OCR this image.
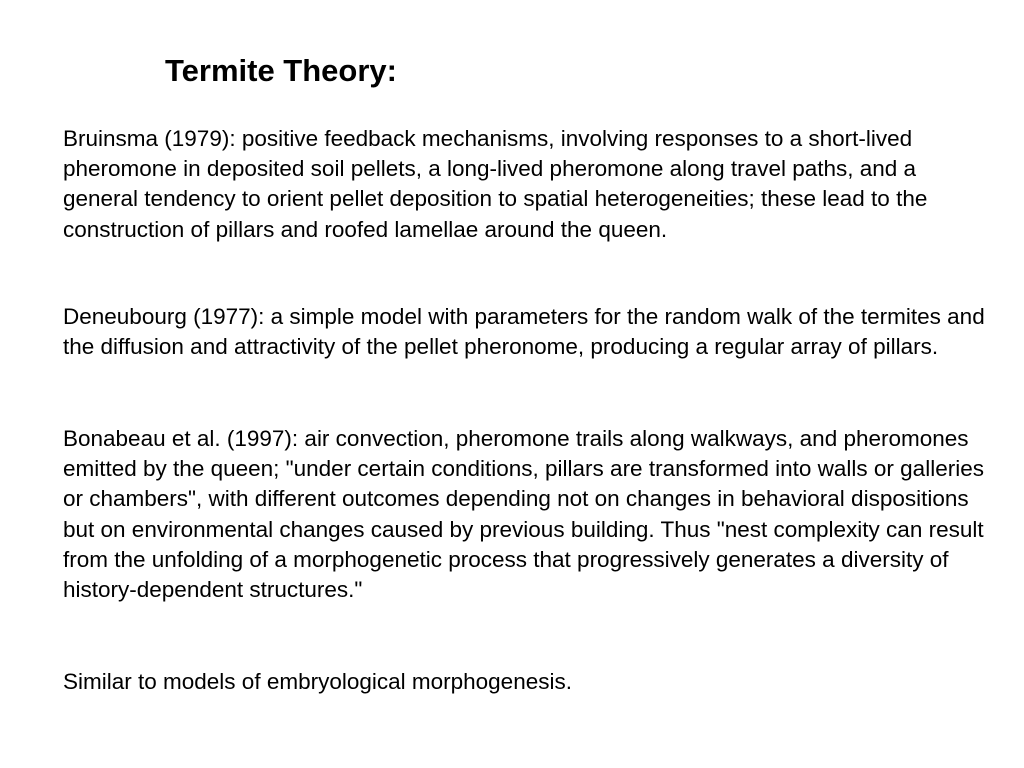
Termite Theory:

Bruinsma (1979): positive feedback mechanisms, involving responses to a short-lived pheromone in deposited soil pellets, a long-lived pheromone along travel paths, and a general tendency to orient pellet deposition to spatial heterogeneities; these lead to the construction of pillars and roofed lamellae around the queen.

Deneubourg (1977): a simple model with parameters for the random walk of the termites and the diffusion and attractivity of the pellet pheronome, producing a regular array of pillars.

Bonabeau et al. (1997): air convection, pheromone trails along walkways, and pheromones emitted by the queen; "under certain conditions, pillars are transformed into walls or galleries or chambers", with different outcomes depending not on changes in behavioral dispositions but on environmental changes caused by previous building. Thus "nest complexity can result from the unfolding of a morphogenetic process that progressively generates a diversity of history-dependent structures."

Similar to models of embryological morphogenesis.
